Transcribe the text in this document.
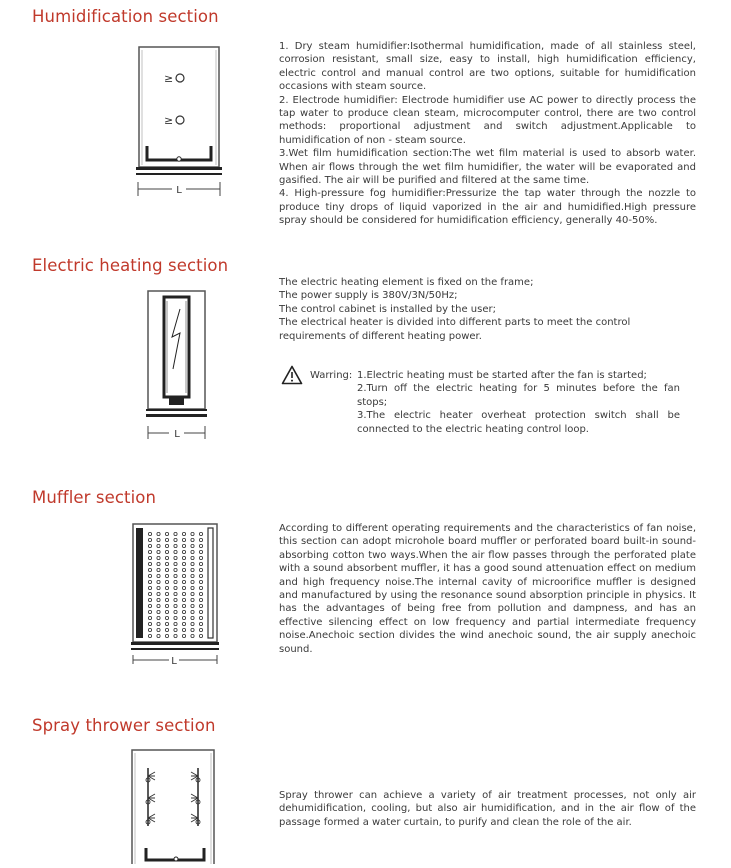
Humidification section
≥
≥
L

1. Dry steam humidifier:Isothermal humidification, made of all stainless steel, corrosion resistant, small size, easy to install, high humidification efficiency, electric control and manual control are two options, suitable for humidification occasions with steam source.

2. Electrode humidifier: Electrode humidifier use AC power to directly process the tap water to produce clean steam, microcomputer control, there are two control methods: proportional adjustment and switch adjustment.Applicable to humidification of non - steam source.

3.Wet film humidification section:The wet film material is used to absorb water. When air flows through the wet film humidifier, the water will be evaporated and gasified. The air will be purified and filtered at the same time.

4. High-pressure fog humidifier:Pressurize the tap water through the nozzle to produce tiny drops of liquid vaporized in the air and humidified.High pressure spray should be considered for humidification efficiency, generally 40-50%.

Electric heating section
L
The electric heating element is fixed on the frame;
The power supply is 380V/3N/50Hz;
The control cabinet is installed by the user;
The electrical heater is divided into different parts to meet the control
requirements of different heating power.
Warring: 1.Electric heating must be started after the fan is started;
2.Turn off the electric heating for 5 minutes before the fan stops;
3.The electric heater overheat protection switch shall be connected to the electric heating control loop.
Muffler section
L

According to different operating requirements and the characteristics of fan noise, this section can adopt microhole board muffler or perforated board built-in sound-absorbing cotton two ways.When the air flow passes through the perforated plate with a sound absorbent muffler, it has a good sound attenuation effect on medium and high frequency noise.The internal cavity of microorifice muffler is designed and manufactured by using the resonance sound absorption principle in physics. It has the advantages of being free from pollution and dampness, and has an effective silencing effect on low frequency and partial intermediate frequency noise.Anechoic section divides the wind anechoic sound, the air supply anechoic sound.

Spray thrower section

Spray thrower can achieve a variety of air treatment processes, not only air dehumidification, cooling, but also air humidification, and in the air flow of the passage formed a water curtain, to purify and clean the role of the air.
